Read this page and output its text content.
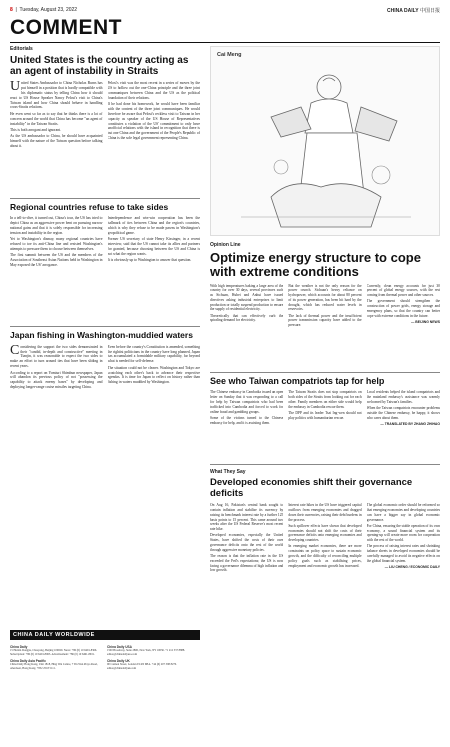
8  |  Tuesday, August 23, 2022	CHINA DAILY 中国日报
COMMENT
Editorials
United States is the country acting as an agent of instability in Straits

United States Ambassador to China Nicholas Burns has put himself in a position that is hardly compatible with his diplomatic status by telling China how it should react to US House Speaker Nancy Pelosi's visit to China's Taiwan island and how China should behave in handling cross-Straits relations.

He even went so far as to say that he thinks there is a lot of concern around the world that China has become "an agent of instability" in the Taiwan Straits.

This is both arrogant and ignorant.

As the US ambassador to China, he should have acquainted himself with the nature of the Taiwan question before talking about it.

Pelosi's visit was the most recent in a series of moves by the US to hollow out the one-China principle and the three joint communiques between China and the US as the political foundation of their relations.

If he had done his homework, he would have been familiar with the content of the three joint communiques. He would therefore be aware that Pelosi's reckless visit to Taiwan in her capacity as speaker of the US House of Representatives constitutes a violation of the US' commitment to only have unofficial relations with the island in recognition that there is but one China and the government of the People's Republic of China is the sole legal government representing China.

Regional countries refuse to take sides

In a tell-to-dive, it turned out, China's tour, the US has tried to depict China as an aggressive power bent on pursuing narrow national gains and that it is solely responsible for increasing tension and instability in the region.

Yet to Washington's dismay, many regional countries have refused to toe its anti-China line and resisted Washington's attempts to pressure them to choose between themselves.

The first summit between the US and the members of the Association of Southeast Asian Nations held in Washington in May exposed the US' arrogance.

Interdependence and win-win cooperation has been the hallmark of ties between China and the region's countries, which is why they refuse to be made pawns in Washington's geopolitical game.

Former US secretary of state Henry Kissinger, in a recent interview, said that the US cannot take its allies and partners for granted, because choosing between the US and China is not what the region wants.

It is obviously up to Washington to answer that question.

Japan fishing in Washington-muddied waters

Considering the support the two sides demonstrated in their "candid, in-depth and constructive" meeting in Tianjin, it was reasonable to expect the two sides to make an effort to turn around ties that have been sliding in recent years.

According to a report on Yomiuri Shimbun newspaper, Japan will abandon its previous policy of not "possessing the capability to attack enemy bases" by developing and deploying longer-range cruise missiles targeting China.

Even before the country's Constitution is amended, something the rightist politicians in the country have long planned, Japan has accumulated a formidable military capability, far beyond what is needed for self-defense.

The situation could not be clearer. Washington and Tokyo are scratching each other's back to advance their respective agendas. It is time for Japan to reflect on history rather than fishing in waters muddied by Washington.

CHINA DAILY WORLDWIDE
China Daily
15 Huixin Dongjie, Chaoyang, Beijing 100029. News: +86 (0) 10 6491-8366. Subscription: +86 (0) 10 6491-8063. Advertisement: +86 (0) 10 6491-8631.
China Daily Asia Pacific
China Daily Hong Kong, Unit 1818, Hing Wai Centre, 7 Tin Wan Praya Road, Aberdeen, Hong Kong. +852 2518 5111.
China Daily USA
1500 Broadway, Suite 2800, New York, NY 10036. +1 212 537 8888. editor@chinadailyusa.com
China Daily UK
90 Cannon Street, London EC4N 6HA. +44 (0) 207 398 8270. editor@chinadailyuk.com
Cai Meng
Opinion Line
Optimize energy structure to cope with extreme conditions

With high temperatures baking a large area of the country for over 30 days, several provinces such as Sichuan, Hubei and Anhui have issued directives asking industrial enterprises to limit production or totally suspend production to ensure the supply of residential electricity.

Theoretically that can effectively curb the spiraling demand for electricity.

But the weather is not the only reason for the power crunch. Sichuan's heavy reliance on hydropower, which accounts for about 80 percent of its power generation, has been hit hard by the drought, which has reduced water levels in reservoirs.

The lack of thermal power and the insufficient power transmission capacity have added to the pressure.

Currently, clean energy accounts for just 30 percent of global energy sources, with the rest coming from thermal power and other sources.

The government should strengthen the construction of power grids, energy storage and emergency plans, so that the country can better cope with extreme conditions in the future.

— BEIJING NEWS
See who Taiwan compatriots tap for help

The Chinese embassy in Cambodia issued an open letter on Sunday that it was responding to a call for help by Taiwan compatriots who had been trafficked into Cambodia and forced to work for online fraud and gambling groups.

Some of the victims turned to the Chinese embassy for help, and it is assisting them.

The Taiwan Straits does not stop compatriots on both sides of the Straits from looking out for each other. Family members on either side would help the embassy in Cambodia rescue them.

The DPP and its leader Tsai Ing-wen should not play politics with humanitarian rescue.

Local residents helped the island compatriots and the mainland embassy's assistance was warmly welcomed by Taiwan's families.

When the Taiwan compatriots encounter problems outside the Chinese embassy, be happy, it shows who cares about them.

— TRANSLATED BY ZHANG ZHIHAO
What They Say
Developed economies shift their governance deficits

On Aug 16, Pakistan's central bank sought to contain inflation and stabilise its currency by raising its benchmark interest rate by a further 125 basis points to 15 percent. This came around two weeks after the US Federal Reserve's most recent rate hike.

Developed economies, especially the United States, have shifted the costs of their own governance deficits onto the rest of the world through aggressive monetary policies.

The reason is that the inflation rate in the US exceeded the Fed's expectations; the US is now facing a governance dilemma of high inflation and low growth.

Interest rate hikes in the US have triggered capital outflows from emerging economies and dragged down their currencies, raising their debt burdens in the process.

Such spillover effects have shown that developed economies should not shift the costs of their governance deficits onto emerging economies and developing countries.

In emerging market economies, there are more constraints on policy space to sustain economic growth, and the difficulty of reconciling multiple policy goals such as stabilising prices, employment and economic growth has increased.

The global economic order should be reformed so that emerging economies and developing countries can have a bigger say in global economic governance.

For China, ensuring the stable operation of its own economy, a sound financial system and its opening-up will create more room for cooperation with the rest of the world.

The process of raising interest rates and shrinking balance sheets in developed economies should be carefully managed to avoid its negative effects on the global financial system.

— LIU CHENG / ECONOMIC DAILY
